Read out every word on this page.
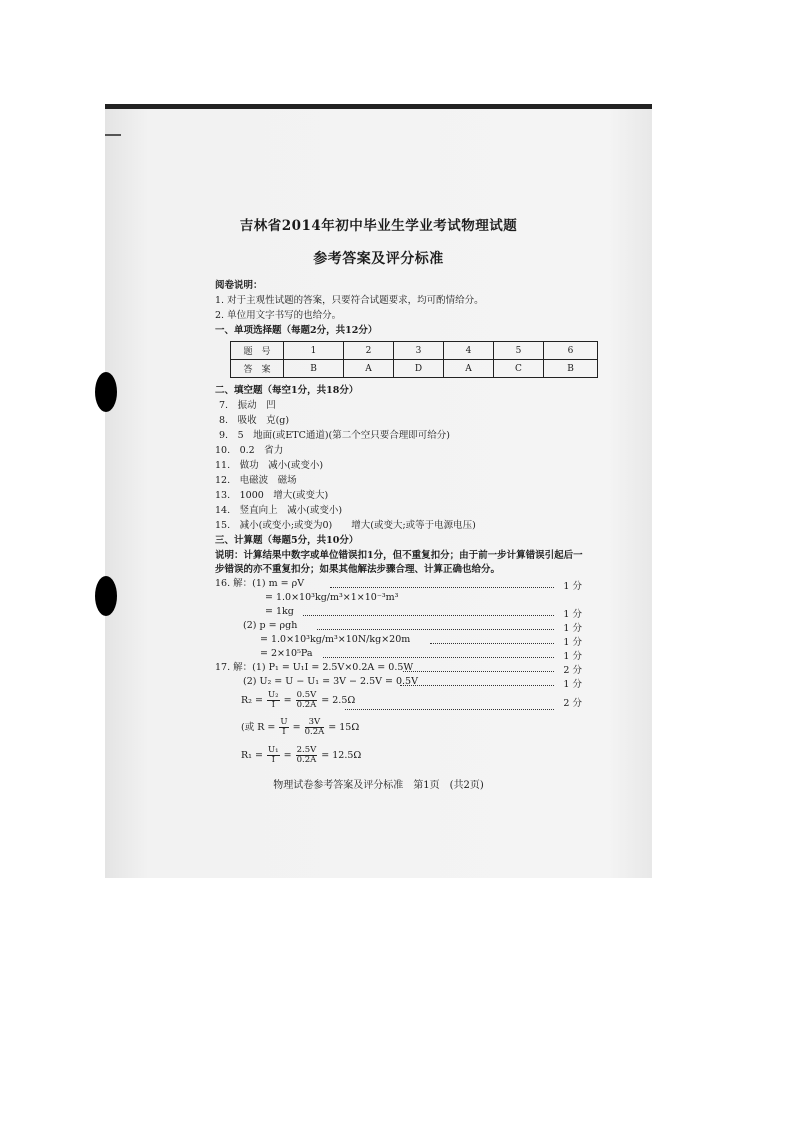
吉林省2014年初中毕业生学业考试物理试题
参考答案及评分标准
阅卷说明：
1. 对于主观性试题的答案，只要符合试题要求，均可酌情给分。
2. 单位用文字书写的也给分。
一、单项选择题（每题2分，共12分）
题　号	1	2	3	4	5	6
答　案	B	A	D	A	C	B
二、填空题（每空1分，共18分）
7.　振动　凹
8.　吸收　克(g)
9.　5　地面(或ETC通道)(第二个空只要合理即可给分)
10.　0.2　省力
11.　做功　减小(或变小)
12.　电磁波　磁场
13.　1000　增大(或变大)
14.　竖直向上　减小(或变小)
15.　减小(或变小;或变为0)　　增大(或变大;或等于电源电压)
三、计算题（每题5分，共10分）
说明：计算结果中数字或单位错误扣1分，但不重复扣分；由于前一步计算错误引起后一
步错误的亦不重复扣分；如果其他解法步骤合理、计算正确也给分。
16. 解：(1) m = ρV	1 分
= 1.0×10³kg/m³×1×10⁻³m³
= 1kg	1 分
(2) p = ρgh	1 分
= 1.0×10³kg/m³×10N/kg×20m	1 分
= 2×10⁵Pa	1 分
17. 解：(1) P₁ = U₁I = 2.5V×0.2A = 0.5W	2 分
(2) U₂ = U − U₁ = 3V − 2.5V = 0.5V	1 分
$R_2 = \frac{\text{U₂}}{I} = \frac{0.5V}{0.2A} = 2.5\Omega$	2 分
(或 $R = \frac{U}{I} = \frac{3V}{0.2A} = 15\Omega$
$R_1 = \frac{\text{U₁}}{I} = \frac{2.5V}{0.2A} = 12.5\Omega$
物理试卷参考答案及评分标准　第1页　(共2页)
